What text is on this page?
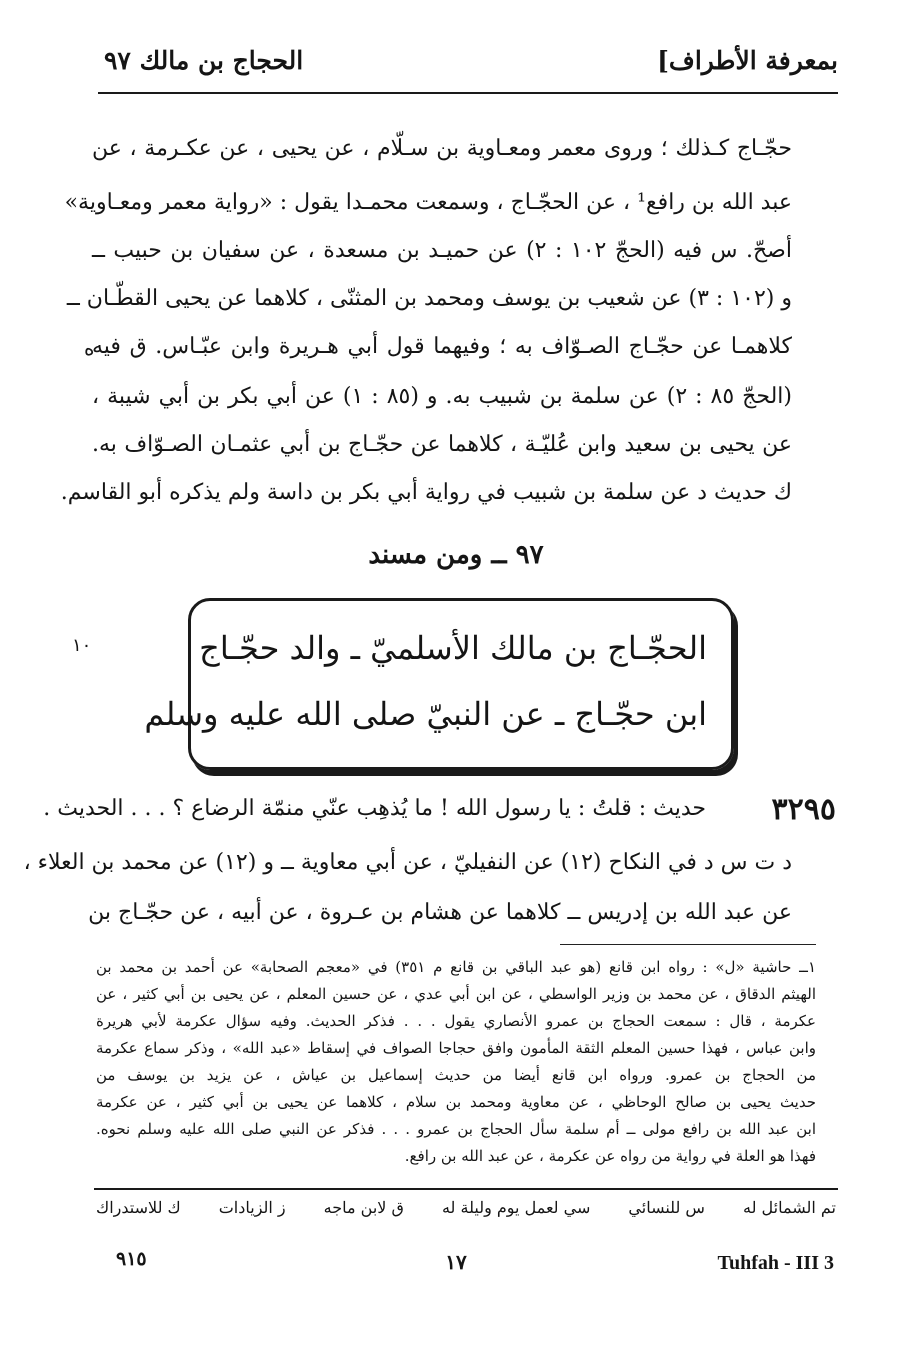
بمعرفة الأطراف]
الحجاج بن مالك ٩٧
حجّـاج كـذلك ؛ وروى معمر ومعـاوية بن سـلّام ، عن يحيى ، عن عكـرمة ، عن
عبد الله بن رافع¹ ، عن الحجّـاج ، وسمعت محمـدا يقول : «رواية معمر ومعـاوية»
أصحّ. س فيه (الحجّ ١٠٢ : ٢) عن حميـد بن مسعدة ، عن سفيان بن حبيب ــ
و (١٠٢ : ٣) عن شعيب بن يوسف ومحمد بن المثنّى ، كلاهما عن يحيى القطّـان ــ
كلاهمـا عن حجّـاج الصـوّاف به ؛ وفيهما قول أبي هـريرة وابن عبّـاس. ق فيه
(الحجّ ٨٥ : ٢) عن سلمة بن شبيب به. و (٨٥ : ١) عن أبي بكر بن أبي شيبة ،
عن يحيى بن سعيد وابن عُليّـة ، كلاهما عن حجّـاج بن أبي عثمـان الصـوّاف به.
ك حديث د عن سلمة بن شبيب في رواية أبي بكر بن داسة ولم يذكره أبو القاسم.
ه
٩٧ ــ ومن مسند
١٠	الحجّـاج بن مالك الأسلميّ ـ والد حجّـاج
ابن حجّـاج ـ عن النبيّ صلى الله عليه وسلم
٣٢٩٥
حديث : قلتُ : يا رسول الله ! ما يُذهِب عنّي منمّة الرضاع ؟ . . . الحديث .
د ت س د في النكاح (١٢) عن النفيليّ ، عن أبي معاوية ــ و (١٢) عن محمد بن العلاء ،
عن عبد الله بن إدريس ــ كلاهما عن هشام بن عـروة ، عن أبيه ، عن حجّـاج بن
١ــ حاشية «ل» : رواه ابن قانع (هو عبد الباقي بن قانع م ٣٥١) في «معجم الصحابة» عن أحمد بن محمد بن
الهيثم الدقاق ، عن محمد بن وزير الواسطي ، عن ابن أبي عدي ، عن حسين المعلم ، عن يحيى بن أبي كثير ، عن
عكرمة ، قال : سمعت الحجاج بن عمرو الأنصاري يقول . . . فذكر الحديث. وفيه سؤال عكرمة لأبي هريرة
وابن عباس ، فهذا حسين المعلم الثقة المأمون وافق حجاجا الصواف في إسقاط «عبد الله» ، وذكر سماع عكرمة
من الحجاج بن عمرو. ورواه ابن قانع أيضا من حديث إسماعيل بن عياش ، عن يزيد بن يوسف من
حديث يحيى بن صالح الوحاظي ، عن معاوية ومحمد بن سلام ، كلاهما عن يحيى بن أبي كثير ، عن عكرمة
ابن عبد الله بن رافع مولى ــ أم سلمة سأل الحجاج بن عمرو . . . فذكر عن النبي صلى الله عليه وسلم نحوه.
فهذا هو العلة في رواية من رواه عن عكرمة ، عن عبد الله بن رافع.
تم الشمائل له
س للنسائي
سي لعمل يوم وليلة له
ق لابن ماجه
ز الزيادات
ك للاستدراك
٩١٥	١٧	Tuhfah - III 3
